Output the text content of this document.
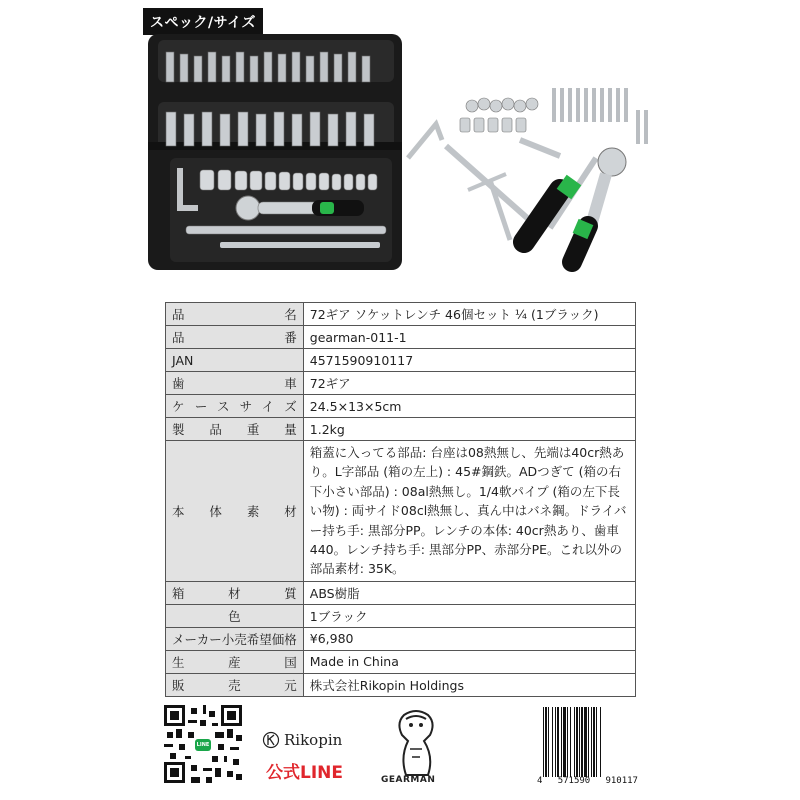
スペック/サイズ
品名	72ギア ソケットレンチ 46個セット ¼ (1ブラック)

品番	gearman-011-1

JAN	4571590910117

歯車	72ギア

ケースサイズ	24.5×13×5cm

製品重量	1.2kg

本体素材	箱蓋に入ってる部品: 台座は08熱無し、先端は40cr熱あり。L字部品 (箱の左上) : 45#鋼鉄。ADつぎて (箱の右下小さい部品) : 08al熱無し。1/4軟パイプ (箱の左下長い物) : 両サイド08cl熱無し、真ん中はバネ鋼。ドライバー持ち手: 黒部分PP。レンチの本体: 40cr熱あり、歯車440。レンチ持ち手: 黒部分PP、赤部分PE。これ以外の部品素材: 35K。

箱材質	ABS樹脂

色	1ブラック

メーカー小売希望価格	¥6,980

生産国	Made in China

販売元	株式会社Rikopin Holdings
LINE	Rikopin
公式LINE	GEARMAN	4 571590 910117
